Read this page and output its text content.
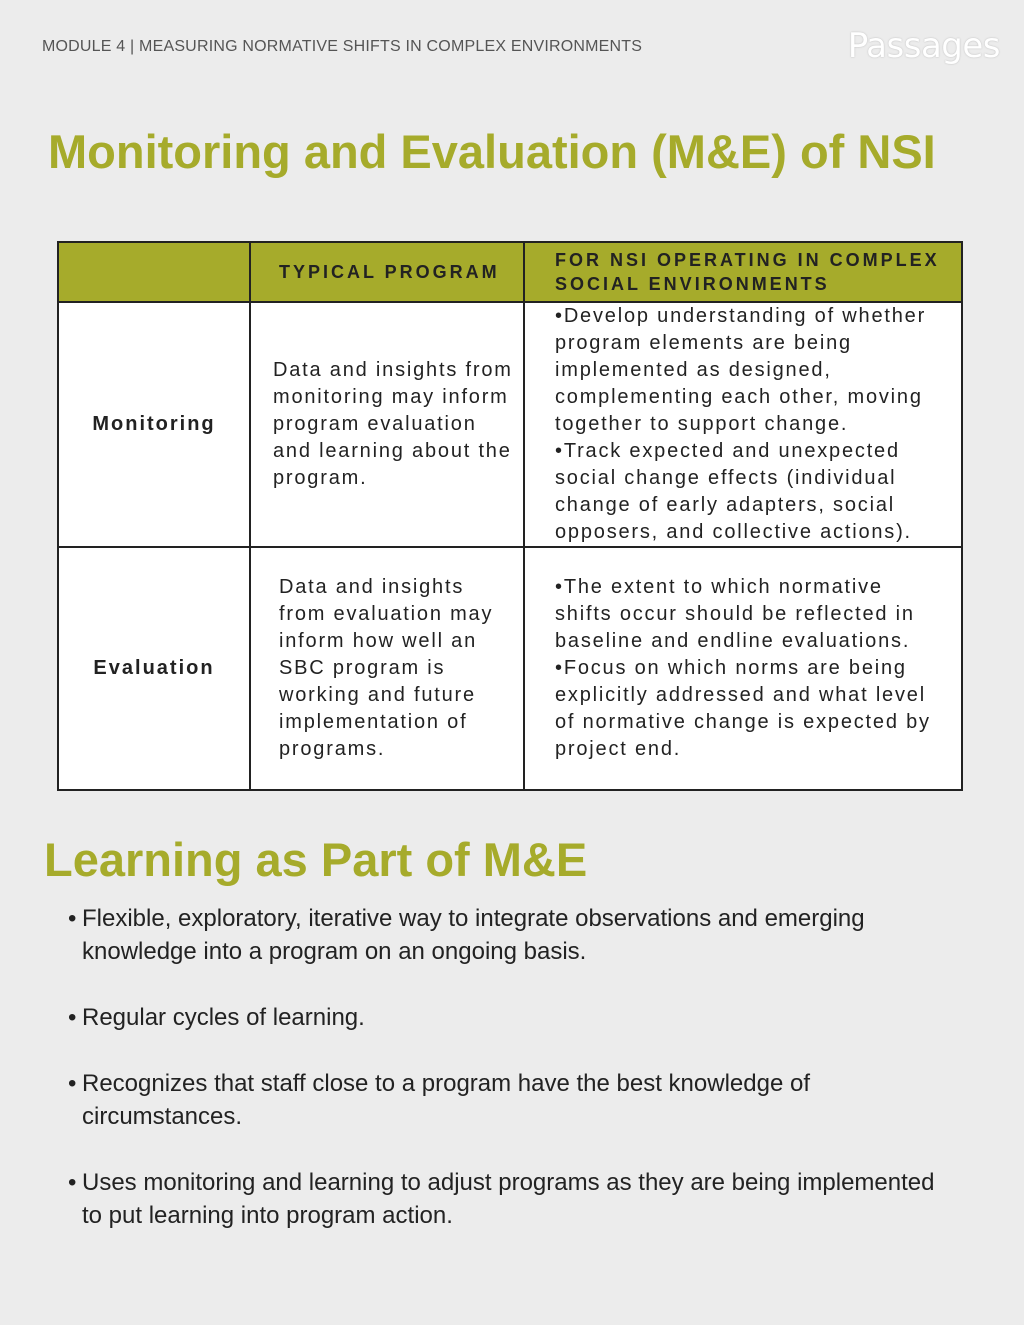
MODULE 4 | MEASURING NORMATIVE SHIFTS IN COMPLEX ENVIRONMENTS	Passages
Monitoring and Evaluation (M&E) of NSI
	TYPICAL PROGRAM	FOR NSI OPERATING IN COMPLEX SOCIAL ENVIRONMENTS
Monitoring	Data and insights from monitoring may inform program evaluation and learning about the program.	•Develop understanding of whether program elements are being implemented as designed, complementing each other, moving together to support change.
•Track expected and unexpected social change effects (individual change of early adapters, social opposers, and collective actions).
Evaluation	Data and insights from evaluation may inform how well an SBC program is working and future implementation of programs.	•The extent to which normative shifts occur should be reflected in baseline and endline evaluations.
•Focus on which norms are being explicitly addressed and what level of normative change is expected by project end.
Learning as Part of M&E
• Flexible, exploratory, iterative way to integrate observations and emerging knowledge into a program on an ongoing basis.
• Regular cycles of learning.
• Recognizes that staff close to a program have the best knowledge of circumstances.
• Uses monitoring and learning to adjust programs as they are being implemented to put learning into program action.
